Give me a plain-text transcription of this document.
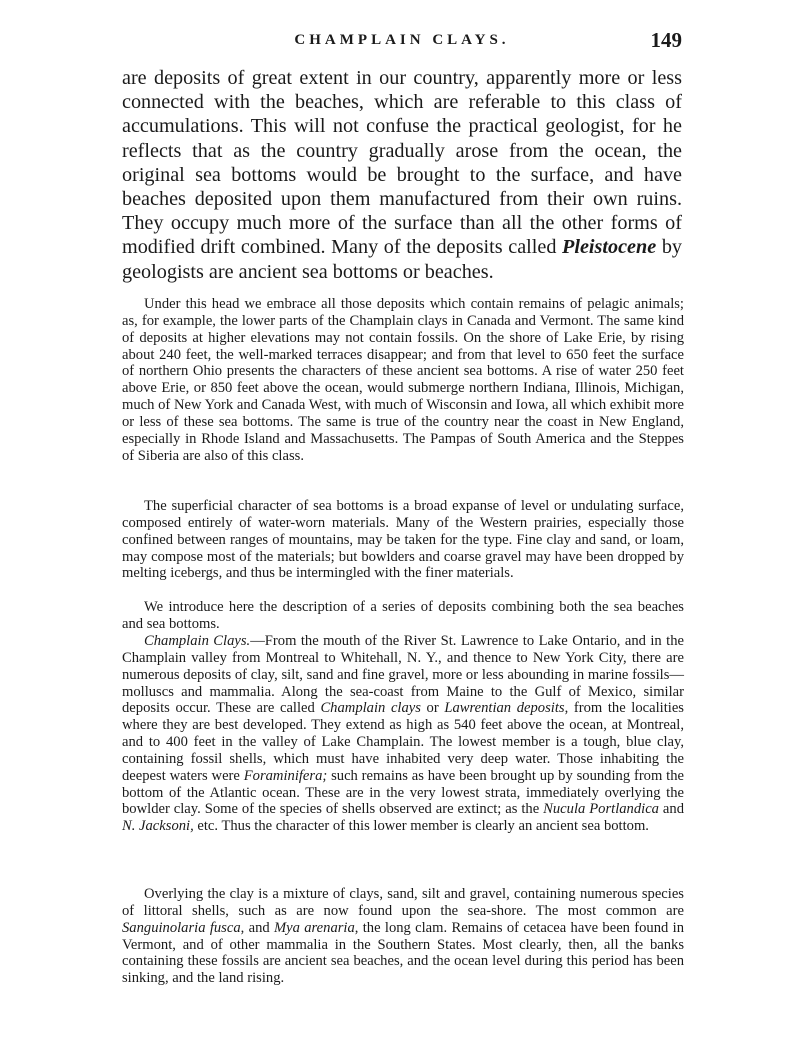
CHAMPLAIN CLAYS.	149

are deposits of great extent in our country, apparently more or less connected with the beaches, which are referable to this class of accumulations. This will not confuse the practical geologist, for he reflects that as the country gradually arose from the ocean, the original sea bottoms would be brought to the surface, and have beaches deposited upon them manufactured from their own ruins. They occupy much more of the surface than all the other forms of modified drift combined. Many of the deposits called Pleistocene by geologists are ancient sea bottoms or beaches.

Under this head we embrace all those deposits which contain remains of pelagic animals; as, for example, the lower parts of the Champlain clays in Canada and Vermont. The same kind of deposits at higher elevations may not contain fossils. On the shore of Lake Erie, by rising about 240 feet, the well-marked terraces disappear; and from that level to 650 feet the surface of northern Ohio presents the characters of these ancient sea bottoms. A rise of water 250 feet above Erie, or 850 feet above the ocean, would submerge northern Indiana, Illinois, Michigan, much of New York and Canada West, with much of Wisconsin and Iowa, all which exhibit more or less of these sea bottoms. The same is true of the country near the coast in New England, especially in Rhode Island and Massachusetts. The Pampas of South America and the Steppes of Siberia are also of this class.

The superficial character of sea bottoms is a broad expanse of level or undulating surface, composed entirely of water-worn materials. Many of the Western prairies, especially those confined between ranges of mountains, may be taken for the type. Fine clay and sand, or loam, may compose most of the materials; but bowlders and coarse gravel may have been dropped by melting icebergs, and thus be intermingled with the finer materials.

We introduce here the description of a series of deposits combining both the sea beaches and sea bottoms.

Champlain Clays.—From the mouth of the River St. Lawrence to Lake Ontario, and in the Champlain valley from Montreal to Whitehall, N. Y., and thence to New York City, there are numerous deposits of clay, silt, sand and fine gravel, more or less abounding in marine fossils—molluscs and mammalia. Along the sea-coast from Maine to the Gulf of Mexico, similar deposits occur. These are called Champlain clays or Lawrentian deposits, from the localities where they are best developed. They extend as high as 540 feet above the ocean, at Montreal, and to 400 feet in the valley of Lake Champlain. The lowest member is a tough, blue clay, containing fossil shells, which must have inhabited very deep water. Those inhabiting the deepest waters were Foraminifera; such remains as have been brought up by sounding from the bottom of the Atlantic ocean. These are in the very lowest strata, immediately overlying the bowlder clay. Some of the species of shells observed are extinct; as the Nucula Portlandica and N. Jacksoni, etc. Thus the character of this lower member is clearly an ancient sea bottom.

Overlying the clay is a mixture of clays, sand, silt and gravel, containing numerous species of littoral shells, such as are now found upon the sea-shore. The most common are Sanguinolaria fusca, and Mya arenaria, the long clam. Remains of cetacea have been found in Vermont, and of other mammalia in the Southern States. Most clearly, then, all the banks containing these fossils are ancient sea beaches, and the ocean level during this period has been sinking, and the land rising.
